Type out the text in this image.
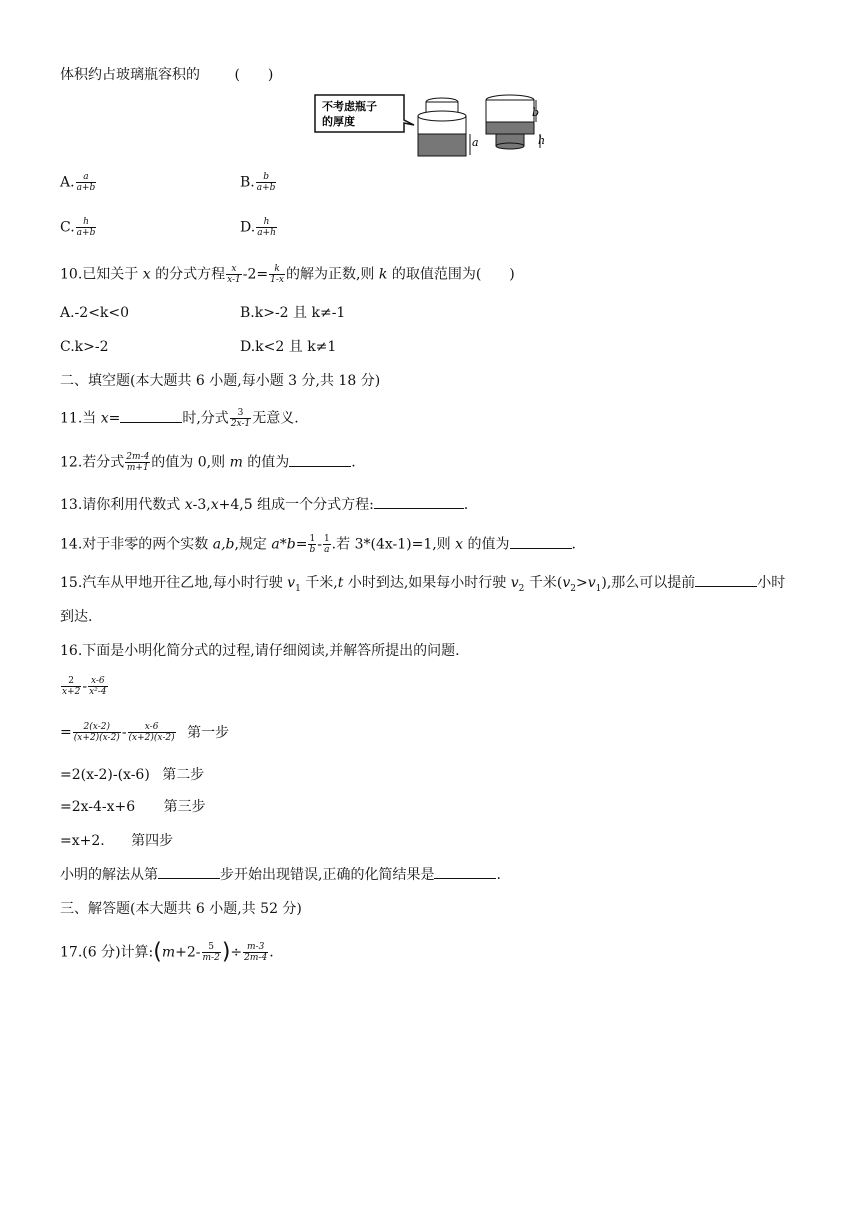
体积约占玻璃瓶容积的 (　　)
不考虑瓶子
的厚度
a
b
h
A. $\frac{a}{a+b}$	B. $\frac{b}{a+b}$
C. $\frac{h}{a+b}$	D. $\frac{h}{a+h}$
10.已知关于 x 的分式方程 $\frac{x}{x-1} -2= \frac{k}{1-x}$ 的解为正数,则 k 的取值范围为(　　)
A.-2<k<0	B.k>-2 且 k≠-1
C.k>-2	D.k<2 且 k≠1
二、填空题(本大题共 6 小题,每小题 3 分,共 18 分)
11.当 x=	时,分式 $\frac{3}{2x-1}$ 无意义.
12.若分式 $\frac{2m-4}{m+1}$ 的值为 0,则 m 的值为	.
13.请你利用代数式 x-3,x+4,5 组成一个分式方程:	.
14.对于非零的两个实数 a,b,规定 $a*b= \frac{1}{b} - \frac{1}{a}$ .若 3*(4x-1)=1,则 x 的值为	.
15.汽车从甲地开往乙地,每小时行驶 $v_1$ 千米,t 小时到达,如果每小时行驶 $v_2$ 千米$(v_2>v_1)$,那么可以提前	小时
到达.
16.下面是小明化简分式的过程,请仔细阅读,并解答所提出的问题.
$\frac{2}{x+2} - \frac{x-6}{\text{x²-4}}$
= $\frac{2(x-2)}{(x+2)(x-2)} - \frac{x-6}{(x+2)(x-2)}$ 第一步
=2(x-2)-(x-6) 第二步
=2x-4-x+6 第三步
=x+2. 第四步
小明的解法从第	步开始出现错误,正确的化简结果是	.
三、解答题(本大题共 6 小题,共 52 分)
17.(6 分)计算:(m+2- $\frac{5}{m-2}$ )÷ $\frac{m-3}{2m-4}$ .
